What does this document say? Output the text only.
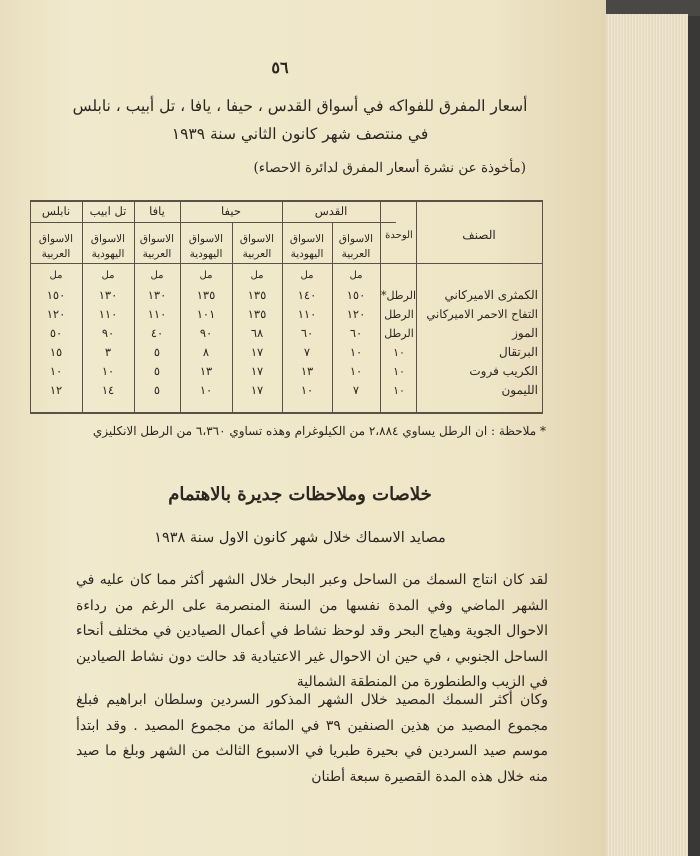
٥٦
أسعار المفرق للفواكه في أسواق القدس ، حيفا ، يافا ، تل أبيب ، نابلس
في منتصف شهر كانون الثاني سنة ١٩٣٩
(مأخوذة عن نشرة أسعار المفرق لدائرة الاحصاء)
الصنف
الوحدة
القدس
حيفا
يافا
تل ابيب
نابلس
الاسواق العربية
الاسواق اليهودية
الاسواق العربية
الاسواق اليهودية
الاسواق العربية
الاسواق اليهودية
الاسواق العربية
مل
مل
مل
مل
مل
مل
مل
الكمثرى الاميركاني
الرطل*
١٥٠
١٤٠
١٣٥
١٣٥
١٣٠
١٣٠
١٥٠
التفاح الاحمر الاميركاني
الرطل
١٢٠
١١٠
١٣٥
١٠١
١١٠
١١٠
١٢٠
الموز
الرطل
٦٠
٦٠
٦٨
٩٠
٤٠
٩٠
٥٠
البرتقال
١٠
١٠
٧
١٧
٨
٥
٣
١٥
الكريب فروت
١٠
١٠
١٣
١٧
١٣
٥
١٠
١٠
الليمون
١٠
٧
١٠
١٧
١٠
٥
١٤
١٢
* ملاحظة : ان الرطل يساوي ٢،٨٨٤ من الكيلوغرام وهذه تساوي ٦،٣٦٠ من الرطل الانكليزي
خلاصات وملاحظات جديرة بالاهتمام
مصايد الاسماك خلال شهر كانون الاول سنة ١٩٣٨
لقد كان انتاج السمك من الساحل وعبر البحار خلال الشهر أكثر مما كان عليه في الشهر الماضي وفي المدة نفسها من السنة المنصرمة على الرغم من رداءة الاحوال الجوية وهياج البحر وقد لوحظ نشاط في أعمال الصيادين في مختلف أنحاء الساحل الجنوبي ، في حين ان الاحوال غير الاعتيادية قد حالت دون نشاط الصيادين في الزيب والطنطورة من المنطقة الشمالية
وكان أكثر السمك المصيد خلال الشهر المذكور السردين وسلطان ابراهيم فبلغ مجموع المصيد من هذين الصنفين ٣٩ في المائة من مجموع المصيد . وقد ابتدأ موسم صيد السردين في بحيرة طبريا في الاسبوع الثالث من الشهر وبلغ ما صيد منه خلال هذه المدة القصيرة سبعة أطنان
